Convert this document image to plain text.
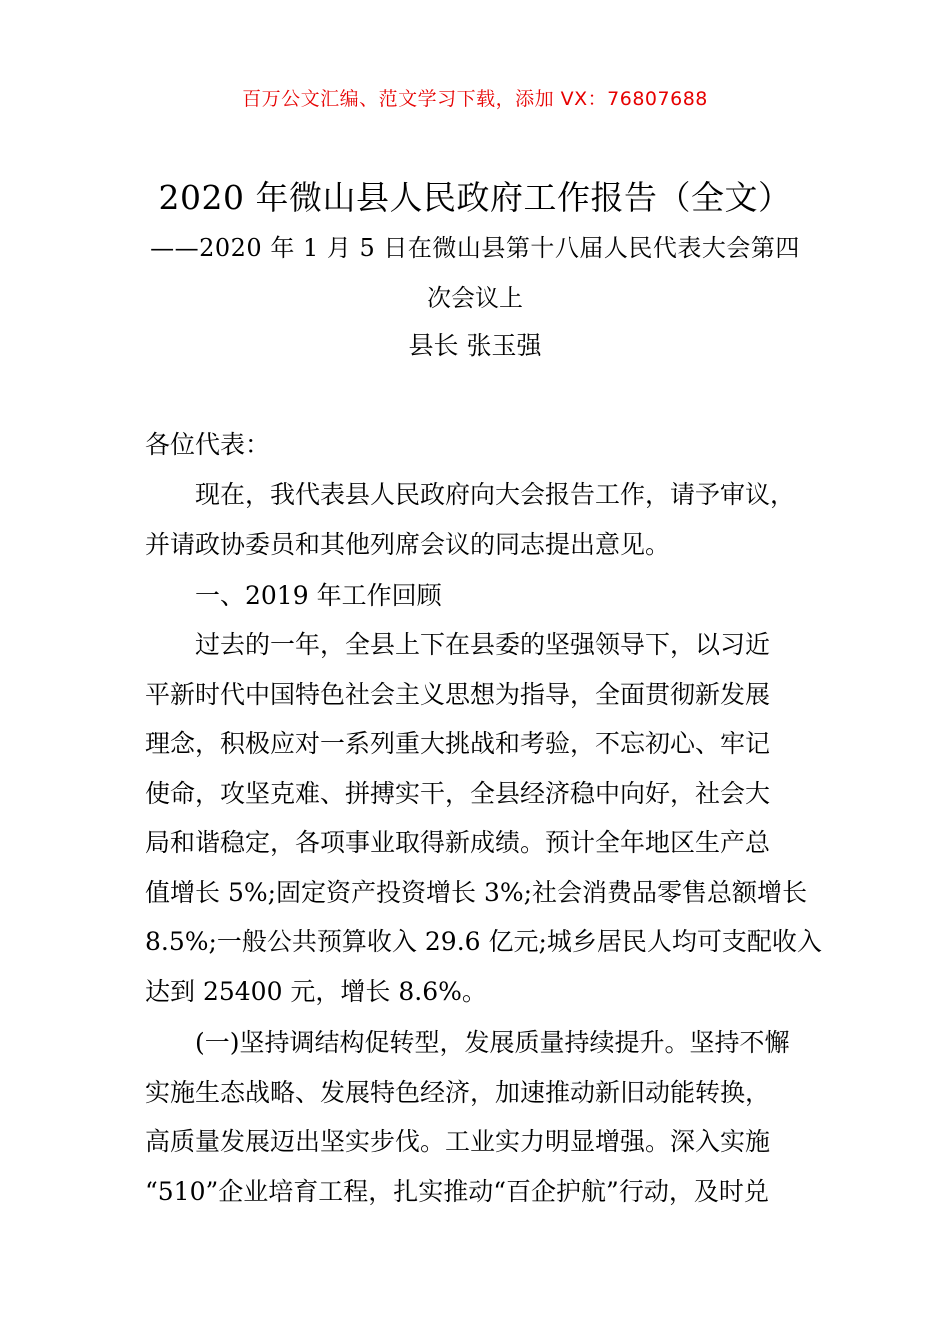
百万公文汇编、范文学习下载，添加 VX：76807688
2020 年微山县人民政府工作报告（全文）
——2020 年 1 月 5 日在微山县第十八届人民代表大会第四
次会议上
县长 张玉强
各位代表：
现在，我代表县人民政府向大会报告工作，请予审议，
并请政协委员和其他列席会议的同志提出意见。
一、2019 年工作回顾
过去的一年，全县上下在县委的坚强领导下，以习近
平新时代中国特色社会主义思想为指导，全面贯彻新发展
理念，积极应对一系列重大挑战和考验，不忘初心、牢记
使命，攻坚克难、拼搏实干，全县经济稳中向好，社会大
局和谐稳定，各项事业取得新成绩。预计全年地区生产总
值增长 5%;固定资产投资增长 3%;社会消费品零售总额增长
8.5%;一般公共预算收入 29.6 亿元;城乡居民人均可支配收入
达到 25400 元，增长 8.6%。
(一)坚持调结构促转型，发展质量持续提升。坚持不懈
实施生态战略、发展特色经济，加速推动新旧动能转换，
高质量发展迈出坚实步伐。工业实力明显增强。深入实施
“510”企业培育工程，扎实推动“百企护航”行动，及时兑
